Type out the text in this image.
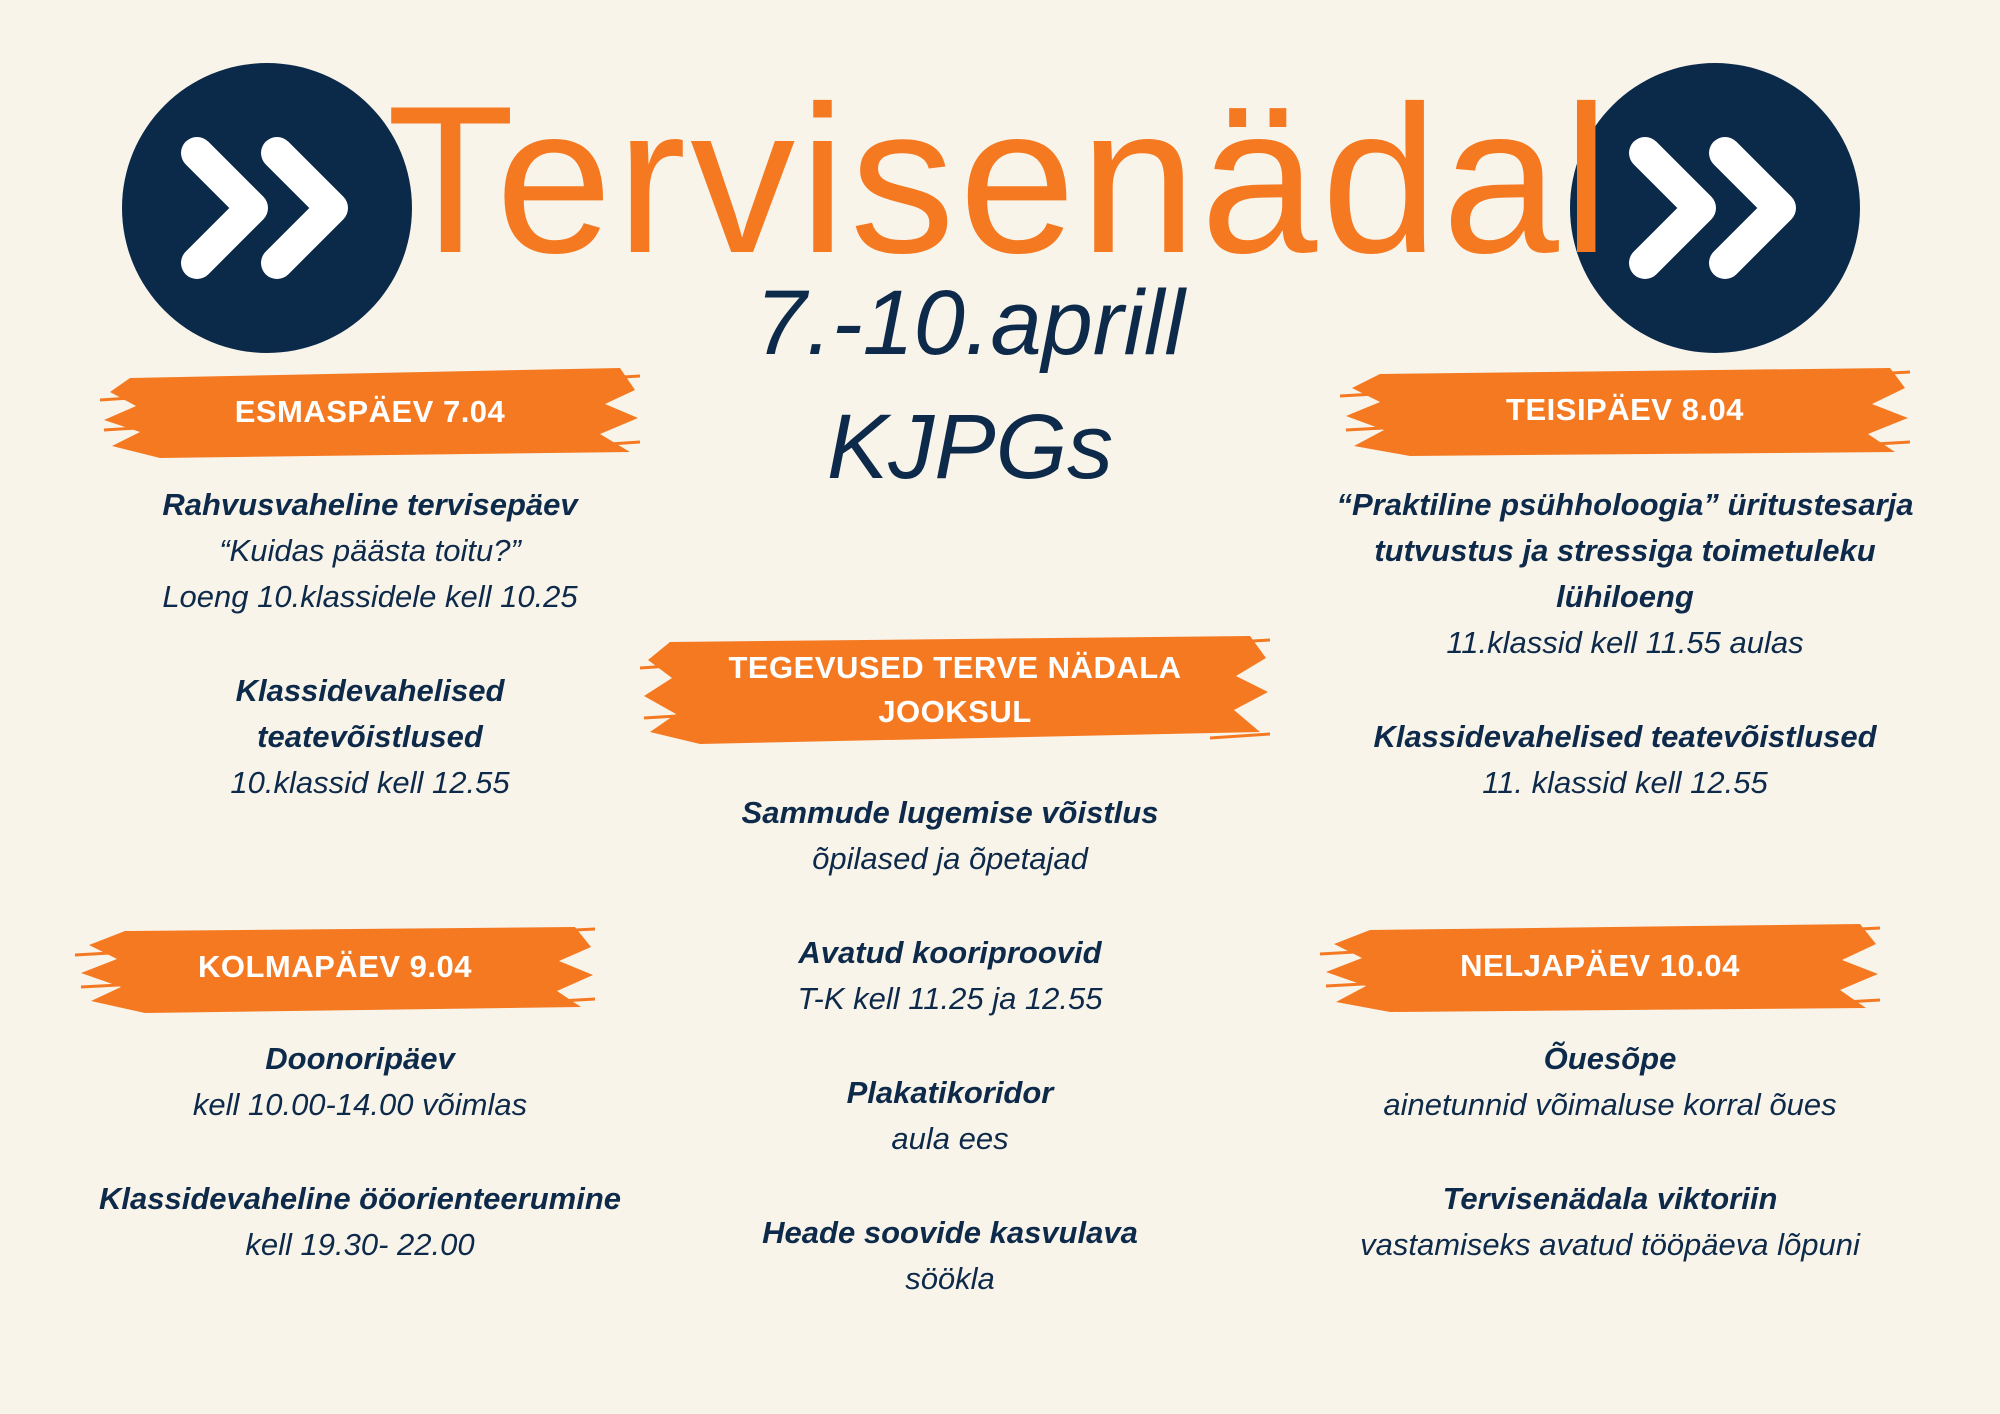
Tervisenädal
7.-10.aprill
KJPGs
ESMASPÄEV 7.04	TEISIPÄEV 8.04
KOLMAPÄEV 9.04	NELJAPÄEV 10.04
TEGEVUSED TERVE NÄDALA
JOOKSUL
Rahvusvaheline tervisepäev
“Kuidas päästa toitu?”
Loeng 10.klassidele kell 10.25
Klassidevahelised
teatevõistlused
10.klassid kell 12.55
“Praktiline psühholoogia” üritustesarja
tutvustus ja stressiga toimetuleku
lühiloeng
11.klassid kell 11.55 aulas
Klassidevahelised teatevõistlused
11. klassid kell 12.55
Doonoripäev
kell 10.00-14.00 võimlas
Klassidevaheline ööorienteerumine
kell 19.30- 22.00
Õuesõpe
ainetunnid võimaluse korral õues
Tervisenädala viktoriin
vastamiseks avatud tööpäeva lõpuni
Sammude lugemise võistlus
õpilased ja õpetajad
Avatud kooriproovid
T-K kell 11.25 ja 12.55
Plakatikoridor
aula ees
Heade soovide kasvulava
söökla
